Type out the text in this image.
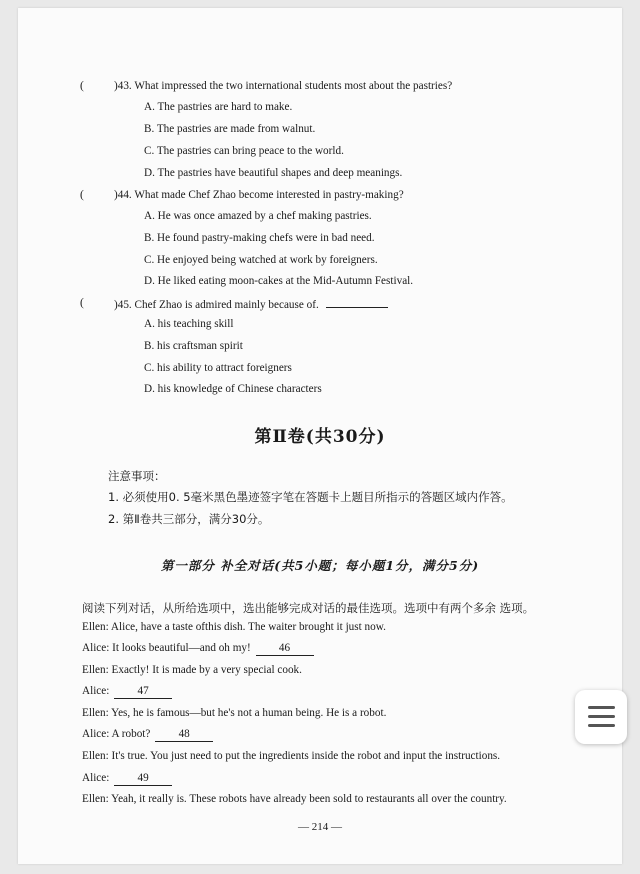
(	)43. What impressed the two international students most about the pastries?
A. The pastries are hard to make.
B. The pastries are made from walnut.
C. The pastries can bring peace to the world.
D. The pastries have beautiful shapes and deep meanings.
(	)44. What made Chef Zhao become interested in pastry-making?
A. He was once amazed by a chef making pastries.
B. He found pastry-making chefs were in bad need.
C. He enjoyed being watched at work by foreigners.
D. He liked eating moon-cakes at the Mid-Autumn Festival.
(	)45. Chef Zhao is admired mainly because of.
A. his teaching skill
B. his craftsman spirit
C. his ability to attract foreigners
D. his knowledge of Chinese characters
第Ⅱ卷(共30分)
注意事项：
1. 必须使用0. 5毫米黑色墨迹签字笔在答题卡上题目所指示的答题区域内作答。
2. 第Ⅱ卷共三部分，满分30分。
第一部分 补全对话(共5小题；每小题1分，满分5分)
阅读下列对话，从所给选项中，选出能够完成对话的最佳选项。选项中有两个多余 选项。
Ellen: Alice, have a taste ofthis dish. The waiter brought it just now.
Alice: It looks beautiful—and oh my!	46
Ellen: Exactly! It is made by a very special cook.
Alice:	47
Ellen: Yes, he is famous—but he's not a human being. He is a robot.
Alice: A robot?	48
Ellen: It's true. You just need to put the ingredients inside the robot and input the instructions.
Alice:	49
Ellen: Yeah, it really is. These robots have already been sold to restaurants all over the country.
— 214 —
